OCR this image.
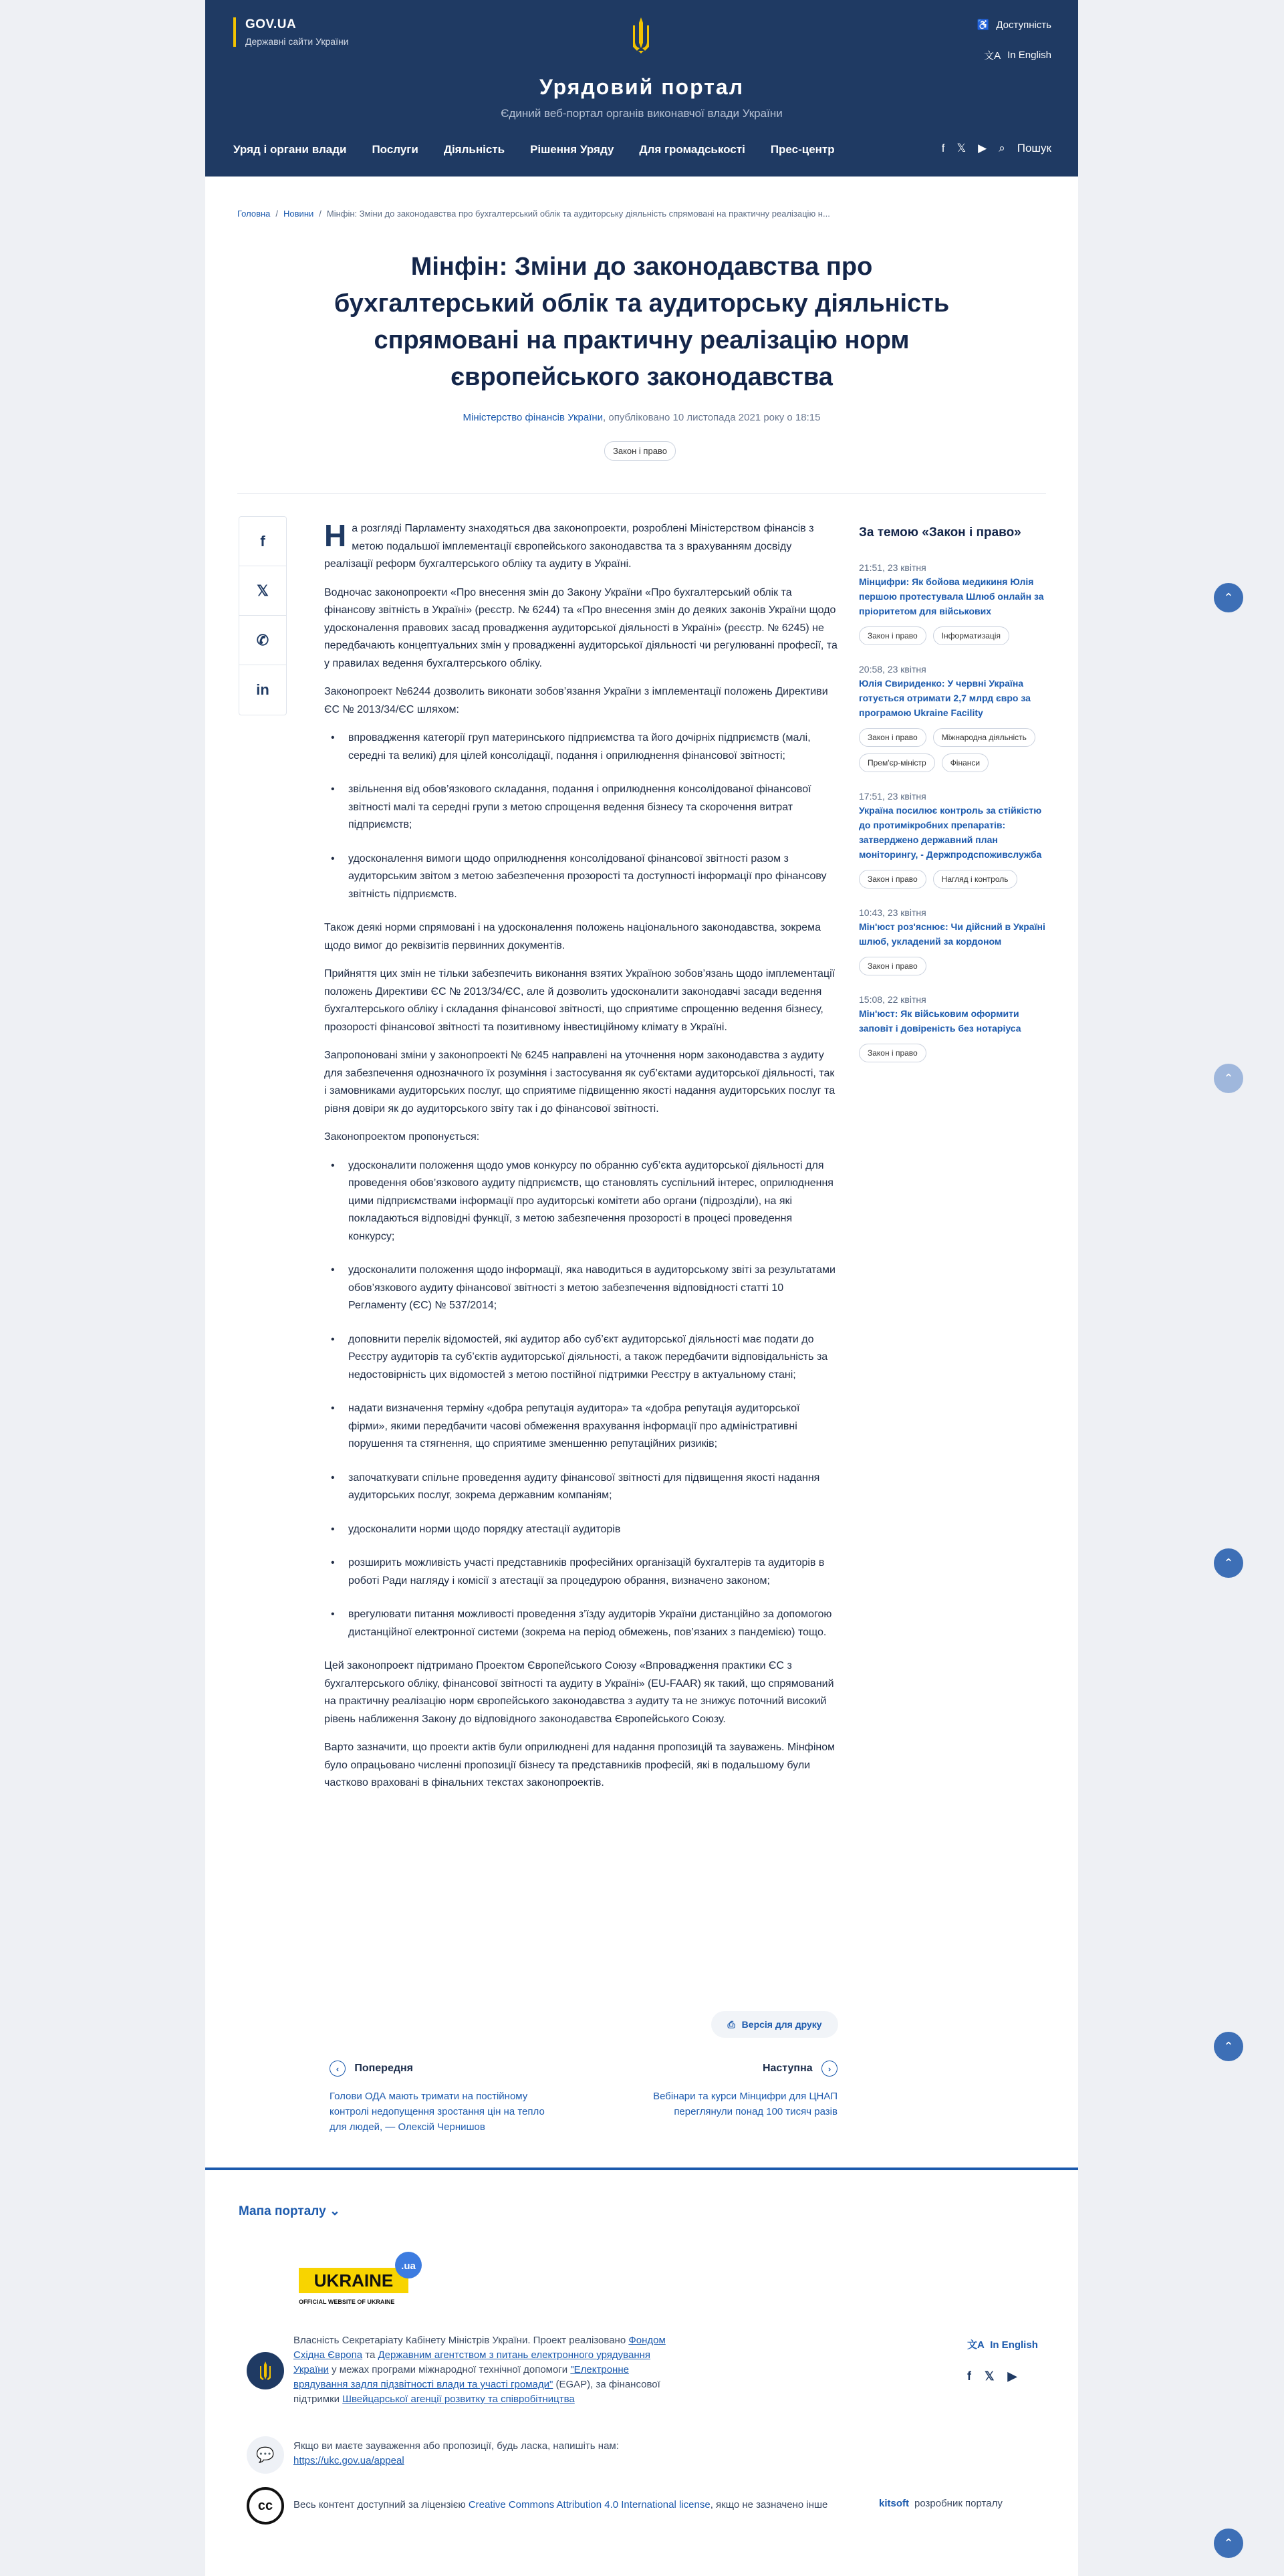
GOV.UA
Державні сайти України
♿ Доступність
文A In English
Урядовий портал
Єдиний веб-портал органів виконавчої влади України
Уряд і органи влади Послуги Діяльність Рішення Уряду Для громадськості Прес-центр	f 𝕏 ▶ ⌕ Пошук
Головна / Новини / Мінфін: Зміни до законодавства про бухгалтерський облік та аудиторську діяльність спрямовані на практичну реалізацію н...
Мінфін: Зміни до законодавства про бухгалтерський облік та аудиторську діяльність спрямовані на практичну реалізацію норм європейського законодавства
Міністерство фінансів України, опубліковано 10 листопада 2021 року о 18:15
Закон і право
f
𝕏
✆
in

На розгляді Парламенту знаходяться два законопроекти, розроблені Міністерством фінансів з метою подальшої імплементації європейського законодавства та з врахуванням досвіду реалізації реформ бухгалтерського обліку та аудиту в Україні.

Водночас законопроекти «Про внесення змін до Закону України «Про бухгалтерський облік та фінансову звітність в Україні» (реєстр. № 6244) та «Про внесення змін до деяких законів України щодо удосконалення правових засад провадження аудиторської діяльності в Україні» (реєстр. № 6245) не передбачають концептуальних змін у провадженні аудиторської діяльності чи регулюванні професії, та у правилах ведення бухгалтерського обліку.

Законопроект №6244 дозволить виконати зобов’язання України з імплементації положень Директиви ЄС № 2013/34/ЄС шляхом:

• впровадження категорії груп материнського підприємства та його дочірніх підприємств (малі, середні та великі) для цілей консолідації, подання і оприлюднення фінансової звітності;
• звільнення від обов’язкового складання, подання і оприлюднення консолідованої фінансової звітності малі та середні групи з метою спрощення ведення бізнесу та скорочення витрат підприємств;
• удосконалення вимоги щодо оприлюднення консолідованої фінансової звітності разом з аудиторським звітом з метою забезпечення прозорості та доступності інформації про фінансову звітність підприємств.

Також деякі норми спрямовані і на удосконалення положень національного законодавства, зокрема щодо вимог до реквізитів первинних документів.

Прийняття цих змін не тільки забезпечить виконання взятих Україною зобов’язань щодо імплементації положень Директиви ЄС № 2013/34/ЄС, але й дозволить удосконалити законодавчі засади ведення бухгалтерського обліку і складання фінансової звітності, що сприятиме спрощенню ведення бізнесу, прозорості фінансової звітності та позитивному інвестиційному клімату в Україні.

Запропоновані зміни у законопроекті № 6245 направлені на уточнення норм законодавства з аудиту для забезпечення однозначного їх розуміння і застосування як суб’єктами аудиторської діяльності, так і замовниками аудиторських послуг, що сприятиме підвищенню якості надання аудиторських послуг та рівня довіри як до аудиторського звіту так і до фінансової звітності.

Законопроектом пропонується:

• удосконалити положення щодо умов конкурсу по обранню суб’єкта аудиторської діяльності для проведення обов’язкового аудиту підприємств, що становлять суспільний інтерес, оприлюднення цими підприємствами інформації про аудиторські комітети або органи (підрозділи), на які покладаються відповідні функції, з метою забезпечення прозорості в процесі проведення конкурсу;
• удосконалити положення щодо інформації, яка наводиться в аудиторському звіті за результатами обов’язкового аудиту фінансової звітності з метою забезпечення відповідності статті 10 Регламенту (ЄС) № 537/2014;
• доповнити перелік відомостей, які аудитор або суб’єкт аудиторської діяльності має подати до Реєстру аудиторів та суб’єктів аудиторської діяльності, а також передбачити відповідальність за недостовірність цих відомостей з метою постійної підтримки Реєстру в актуальному стані;
• надати визначення терміну «добра репутація аудитора» та «добра репутація аудиторської фірми», якими передбачити часові обмеження врахування інформації про адміністративні порушення та стягнення, що сприятиме зменшенню репутаційних ризиків;
• започаткувати спільне проведення аудиту фінансової звітності для підвищення якості надання аудиторських послуг, зокрема державним компаніям;
• удосконалити норми щодо порядку атестації аудиторів
• розширить можливість участі представників професійних організацій бухгалтерів та аудиторів в роботі Ради нагляду і комісії з атестації за процедурою обрання, визначено законом;
• врегулювати питання можливості проведення з’їзду аудиторів України дистанційно за допомогою дистанційної електронної системи (зокрема на період обмежень, пов’язаних з пандемією) тощо.

Цей законопроект підтримано Проектом Європейського Союзу «Впровадження практики ЄС з бухгалтерського обліку, фінансової звітності та аудиту в Україні» (EU-FAAR) як такий, що спрямований на практичну реалізацію норм європейського законодавства з аудиту та не знижує поточний високий рівень наближення Закону до відповідного законодавства Європейського Союзу.

Варто зазначити, що проекти актів були оприлюднені для надання пропозицій та зауважень. Мінфіном було опрацьовано численні пропозиції бізнесу та представників професій, які в подальшому були частково враховані в фінальних текстах законопроектів.

⎙ Версія для друку
‹ Попередня	Наступна ›
Голови ОДА мають тримати на постійному контролі недопущення зростання цін на тепло для людей, — Олексій Чернишов
Вебінари та курси Мінцифри для ЦНАП переглянули понад 100 тисяч разів
За темою «Закон і право»
21:51, 23 квітня
Мінцифри: Як бойова медикиня Юлія першою протестувала Шлюб онлайн за пріоритетом для військових
Закон і право	Інформатизація
20:58, 23 квітня
Юлія Свириденко: У червні Україна готується отримати 2,7 млрд євро за програмою Ukraine Facility
Закон і право	Міжнародна діяльність
Прем'єр-міністр	Фінанси
17:51, 23 квітня
Україна посилює контроль за стійкістю до протимікробних препаратів: затверджено державний план моніторингу, - Держпродспоживслужба
Закон і право	Нагляд і контроль
10:43, 23 квітня
Мін'юст роз'яснює: Чи дійсний в Україні шлюб, укладений за кордоном
Закон і право
15:08, 22 квітня
Мін'юст: Як військовим оформити заповіт і довіреність без нотаріуса
Закон і право
Мапа порталу ⌄
UKRAINE
.ua
OFFICIAL WEBSITE OF UKRAINE
Власність Секретаріату Кабінету Міністрів України. Проект реалізовано Фондом Східна Європа та Державним агентством з питань електронного урядування України у межах програми міжнародної технічної допомоги "Електронне врядування задля підзвітності влади та участі громади" (EGAP), за фінансової підтримки Швейцарської агенції розвитку та співробітництва
文A In English
f 𝕏 ▶
💬
Якщо ви маєте зауваження або пропозиції, будь ласка, напишіть нам:
https://ukc.gov.ua/appeal
cc	Весь контент доступний за ліцензією Creative Commons Attribution 4.0 International license, якщо не зазначено інше	kitsoft розробник порталу
⌃
⌃
⌃
⌃
⌃
